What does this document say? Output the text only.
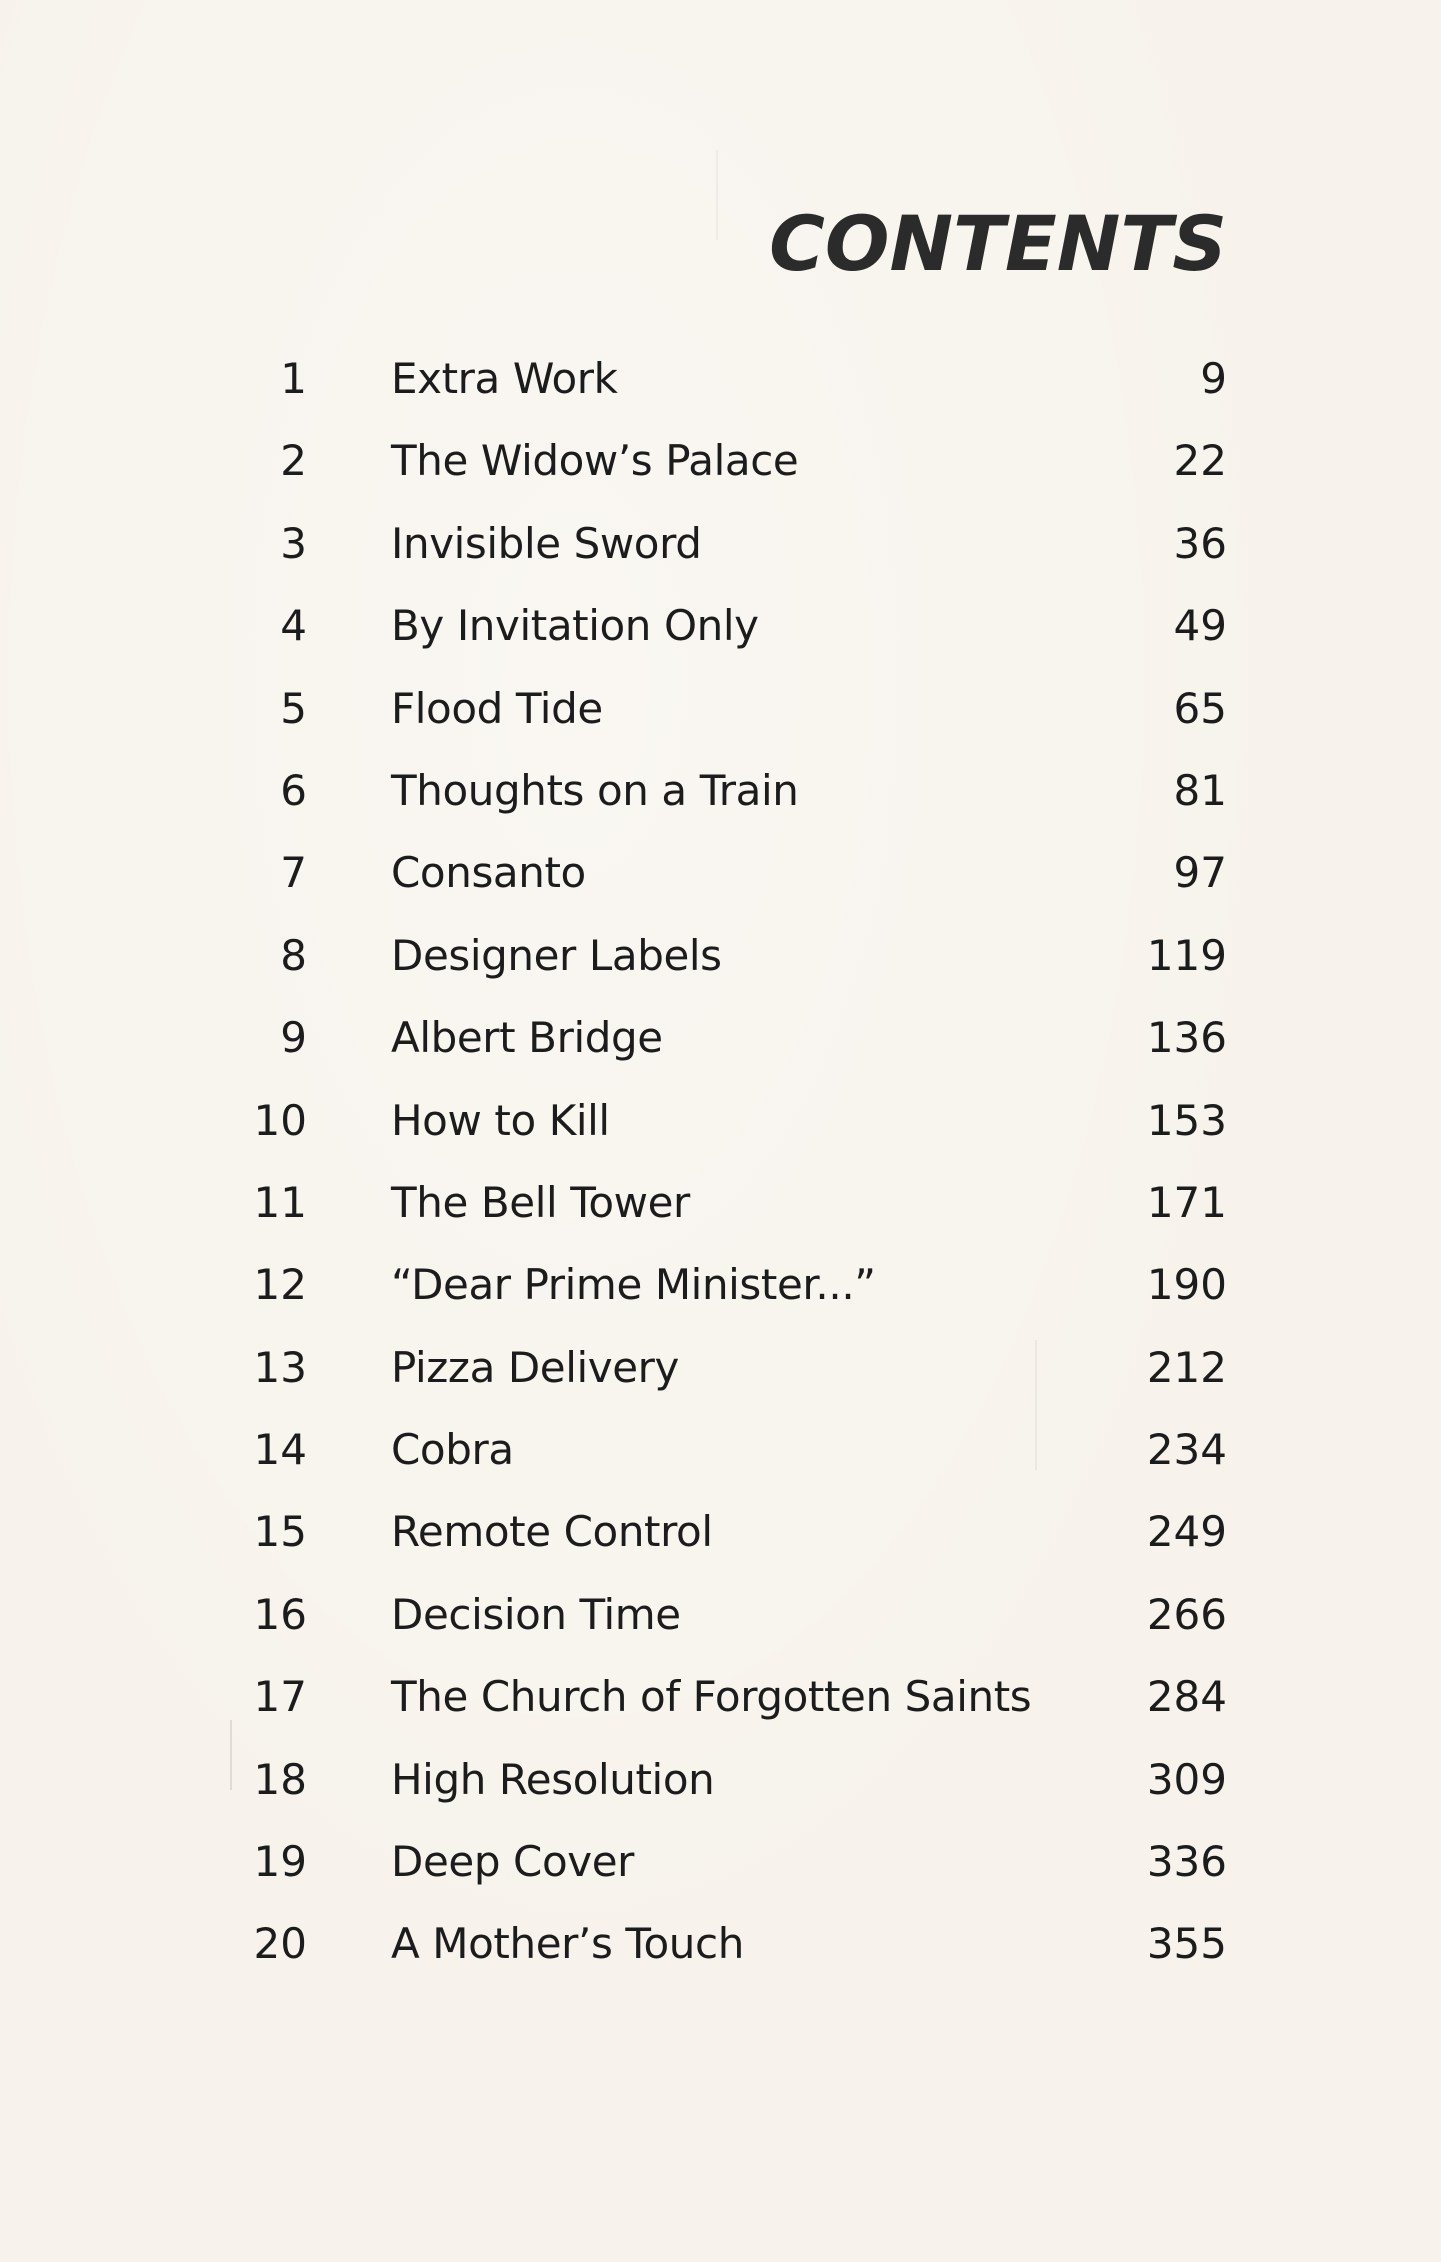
CONTENTS
1 Extra Work	9
2 The Widow’s Palace	22
3 Invisible Sword	36
4 By Invitation Only	49
5 Flood Tide	65
6 Thoughts on a Train	81
7 Consanto	97
8 Designer Labels	119
9 Albert Bridge	136
10 How to Kill	153
11 The Bell Tower	171
12 “Dear Prime Minister...”	190
13 Pizza Delivery	212
14 Cobra	234
15 Remote Control	249
16 Decision Time	266
17 The Church of Forgotten Saints	284
18 High Resolution	309
19 Deep Cover	336
20 A Mother’s Touch	355
